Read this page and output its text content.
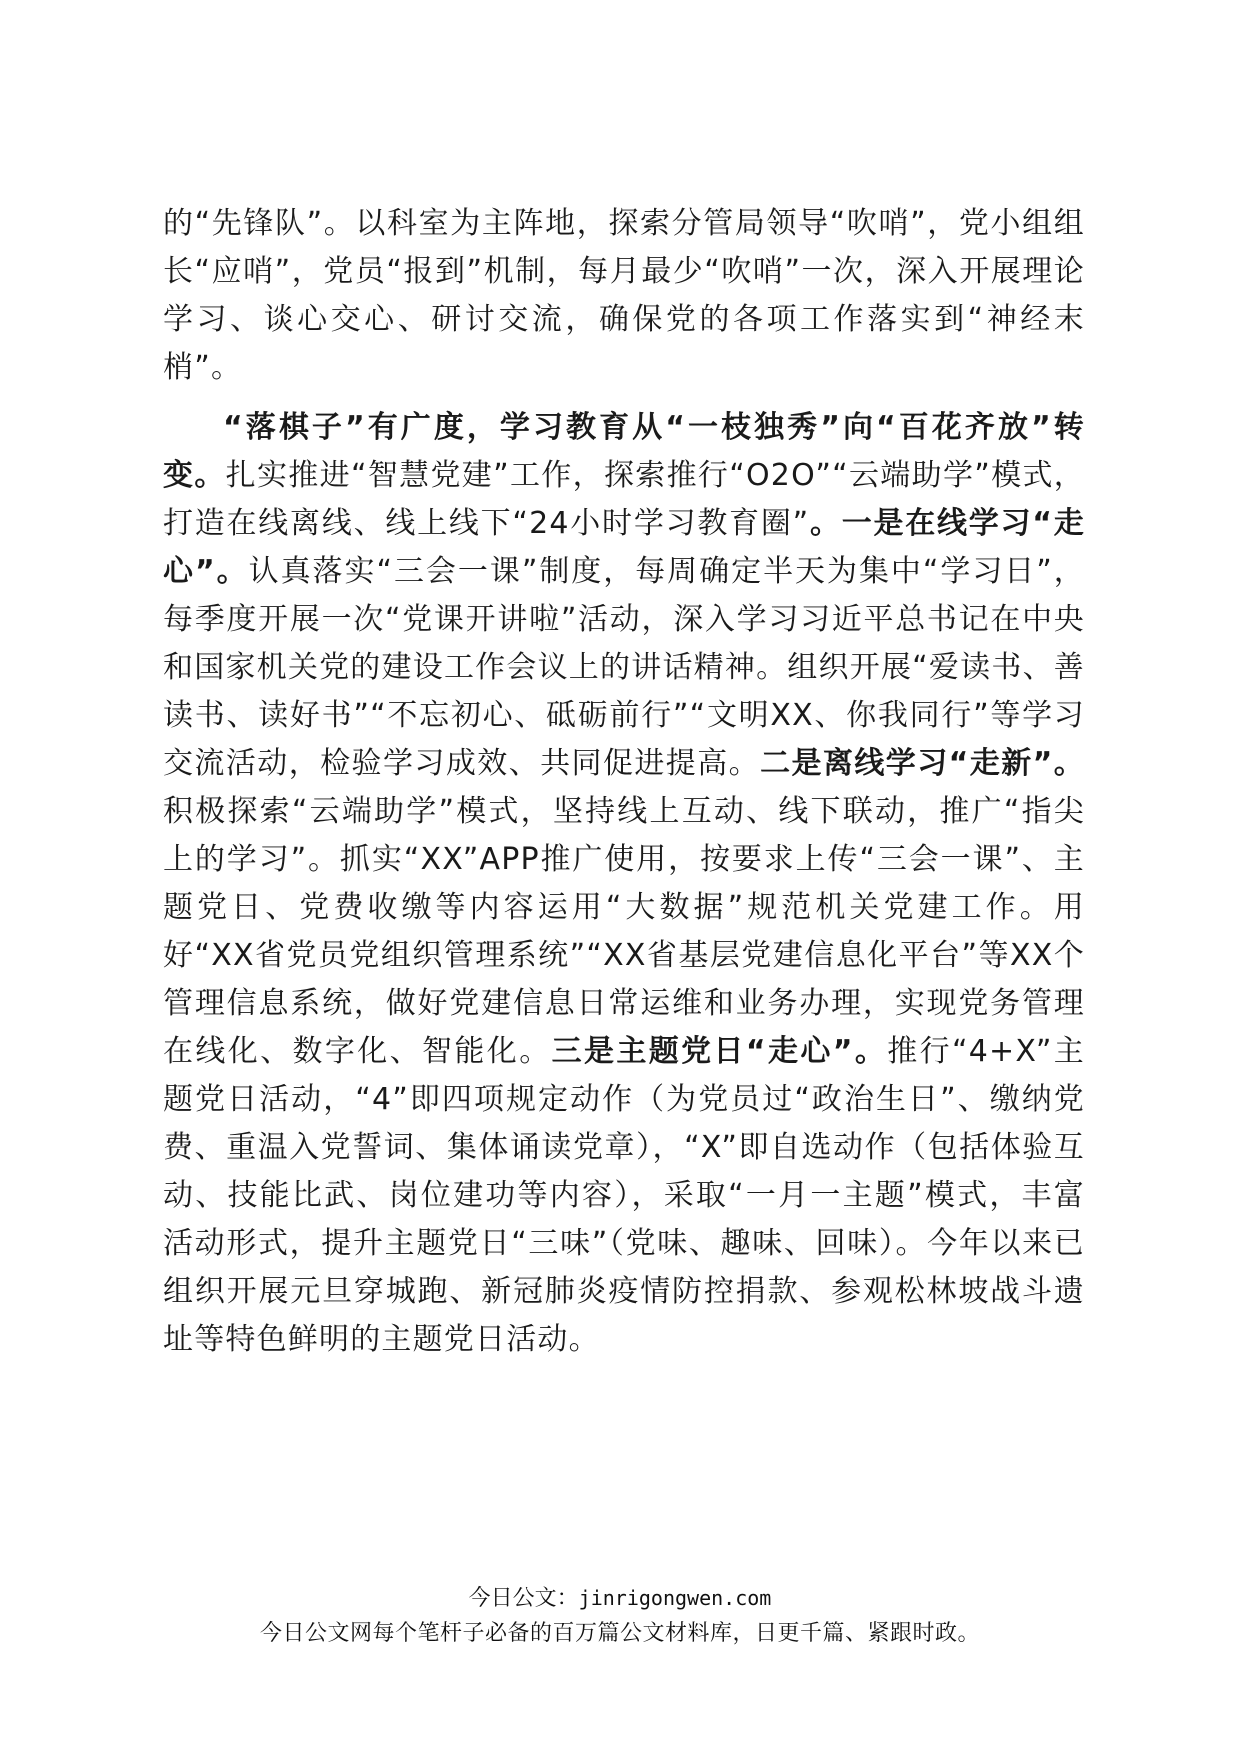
的“先锋队”。以科室为主阵地，探索分管局领导“吹哨”，党小组组长“应哨”，党员“报到”机制，每月最少“吹哨”一次，深入开展理论学习、谈心交心、研讨交流，确保党的各项工作落实到“神经末梢”。

“落棋子”有广度，学习教育从“一枝独秀”向“百花齐放”转变。扎实推进“智慧党建”工作，探索推行“O2O”“云端助学”模式，打造在线离线、线上线下“24小时学习教育圈”。一是在线学习“走心”。认真落实“三会一课”制度，每周确定半天为集中“学习日”，每季度开展一次“党课开讲啦”活动，深入学习习近平总书记在中央和国家机关党的建设工作会议上的讲话精神。组织开展“爱读书、善读书、读好书”“不忘初心、砥砺前行”“文明XX、你我同行”等学习交流活动，检验学习成效、共同促进提高。二是离线学习“走新”。积极探索“云端助学”模式，坚持线上互动、线下联动，推广“指尖上的学习”。抓实“XX”APP推广使用，按要求上传“三会一课”、主题党日、党费收缴等内容运用“大数据”规范机关党建工作。用好“XX省党员党组织管理系统”“XX省基层党建信息化平台”等XX个管理信息系统，做好党建信息日常运维和业务办理，实现党务管理在线化、数字化、智能化。三是主题党日“走心”。推行“4+X”主题党日活动，“4”即四项规定动作（为党员过“政治生日”、缴纳党费、重温入党誓词、集体诵读党章），“X”即自选动作（包括体验互动、技能比武、岗位建功等内容），采取“一月一主题”模式，丰富活动形式，提升主题党日“三味”（党味、趣味、回味）。今年以来已组织开展元旦穿城跑、新冠肺炎疫情防控捐款、参观松林坡战斗遗址等特色鲜明的主题党日活动。

今日公文：jinrigongwen.com
今日公文网每个笔杆子必备的百万篇公文材料库，日更千篇、紧跟时政。
